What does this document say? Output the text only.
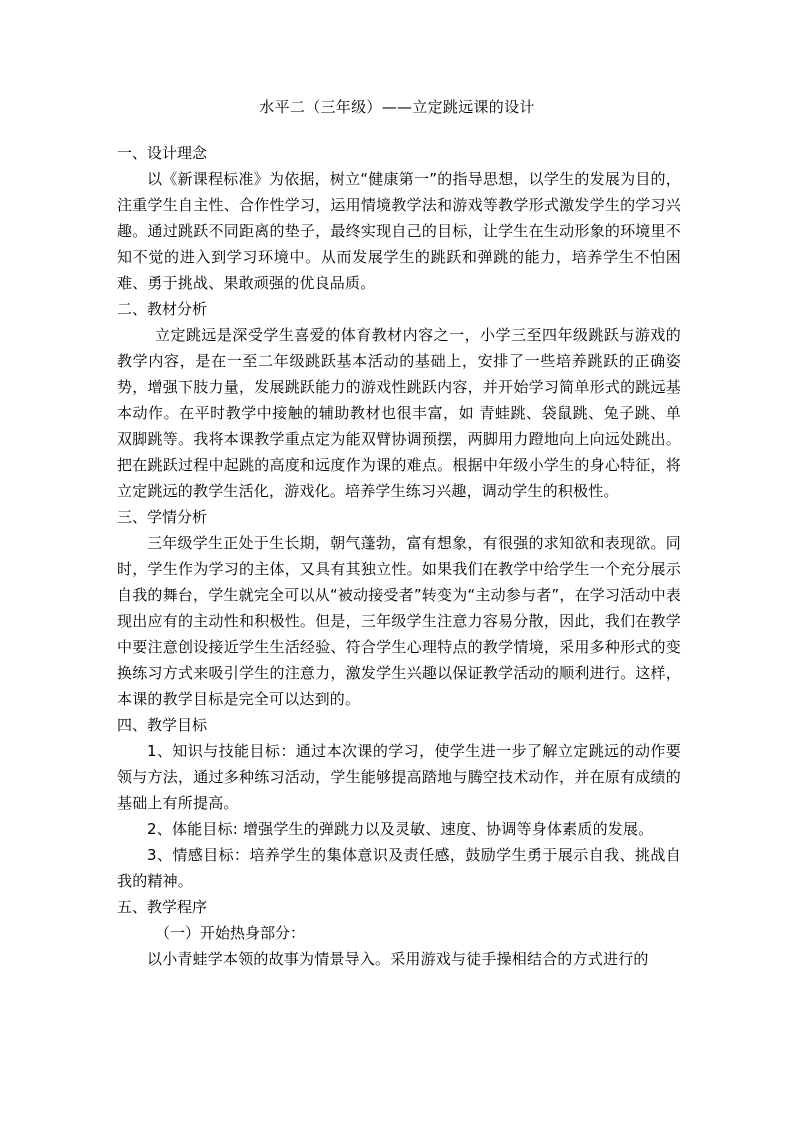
水平二（三年级）——立定跳远课的设计
一、设计理念

以《新课程标准》为依据，树立“健康第一”的指导思想，以学生的发展为目的，注重学生自主性、合作性学习，运用情境教学法和游戏等教学形式激发学生的学习兴趣。通过跳跃不同距离的垫子，最终实现自己的目标，让学生在生动形象的环境里不知不觉的进入到学习环境中。从而发展学生的跳跃和弹跳的能力，培养学生不怕困难、勇于挑战、果敢顽强的优良品质。

二、教材分析

立定跳远是深受学生喜爱的体育教材内容之一，小学三至四年级跳跃与游戏的教学内容，是在一至二年级跳跃基本活动的基础上，安排了一些培养跳跃的正确姿势，增强下肢力量，发展跳跃能力的游戏性跳跃内容，并开始学习简单形式的跳远基本动作。在平时教学中接触的辅助教材也很丰富，如 青蛙跳、袋鼠跳、兔子跳、单双脚跳等。我将本课教学重点定为能双臂协调预摆，两脚用力蹬地向上向远处跳出。把在跳跃过程中起跳的高度和远度作为课的难点。根据中年级小学生的身心特征，将立定跳远的教学生活化，游戏化。培养学生练习兴趣，调动学生的积极性。

三、学情分析

三年级学生正处于生长期，朝气蓬勃，富有想象，有很强的求知欲和表现欲。同时，学生作为学习的主体，又具有其独立性。如果我们在教学中给学生一个充分展示自我的舞台，学生就完全可以从“被动接受者”转变为“主动参与者”，在学习活动中表现出应有的主动性和积极性。但是，三年级学生注意力容易分散，因此，我们在教学中要注意创设接近学生生活经验、符合学生心理特点的教学情境，采用多种形式的变换练习方式来吸引学生的注意力，激发学生兴趣以保证教学活动的顺利进行。这样，本课的教学目标是完全可以达到的。

四、教学目标

1、知识与技能目标：通过本次课的学习，使学生进一步了解立定跳远的动作要领与方法，通过多种练习活动，学生能够提高踏地与腾空技术动作，并在原有成绩的基础上有所提高。

2、体能目标: 增强学生的弹跳力以及灵敏、速度、协调等身体素质的发展。

3、情感目标：培养学生的集体意识及责任感，鼓励学生勇于展示自我、挑战自我的精神。

五、教学程序
（一）开始热身部分：

以小青蛙学本领的故事为情景导入。采用游戏与徒手操相结合的方式进行的
